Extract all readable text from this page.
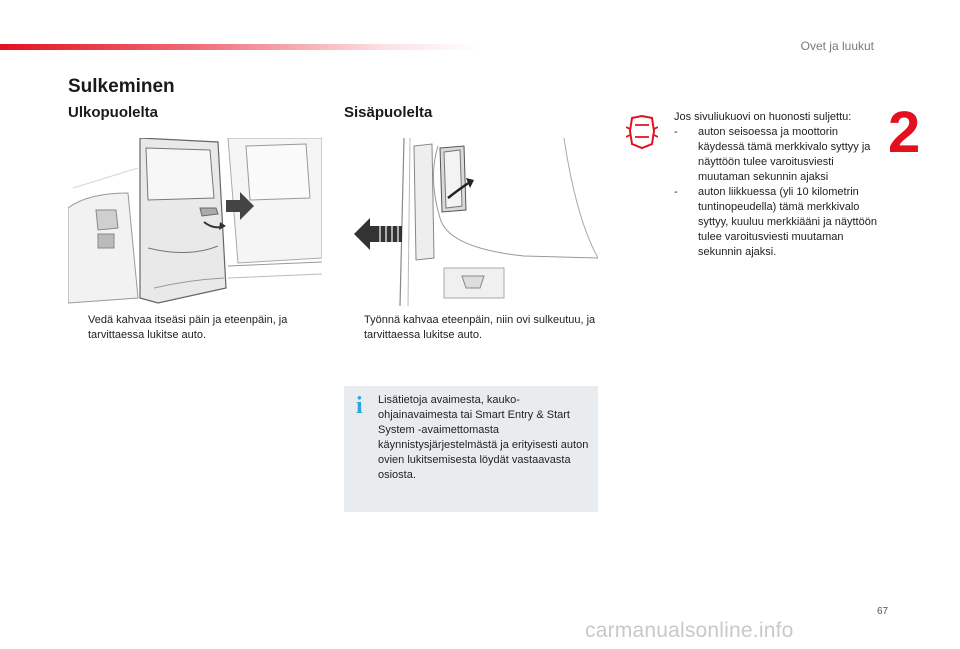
Ovet ja luukut
2
Sulkeminen
Ulkopuolelta	Sisäpuolelta
Vedä kahvaa itseäsi päin ja eteenpäin, ja tarvittaessa lukitse auto.
Työnnä kahvaa eteenpäin, niin ovi sulkeutuu, ja tarvittaessa lukitse auto.
i Lisätietoja avaimesta, kauko-ohjainavaimesta tai Smart Entry & Start System -avaimettomasta käynnistysjärjestelmästä ja erityisesti auton ovien lukitsemisesta löydät vastaavasta osiosta.
Jos sivuliukuovi on huonosti suljettu:
- auton seisoessa ja moottorin käydessä tämä merkkivalo syttyy ja näyttöön tulee varoitusviesti muutaman sekunnin ajaksi
- auton liikkuessa (yli 10 kilometrin tuntinopeudella) tämä merkkivalo syttyy, kuuluu merkkiääni ja näyttöön tulee varoitusviesti muutaman sekunnin ajaksi.
67
carmanualsonline.info
